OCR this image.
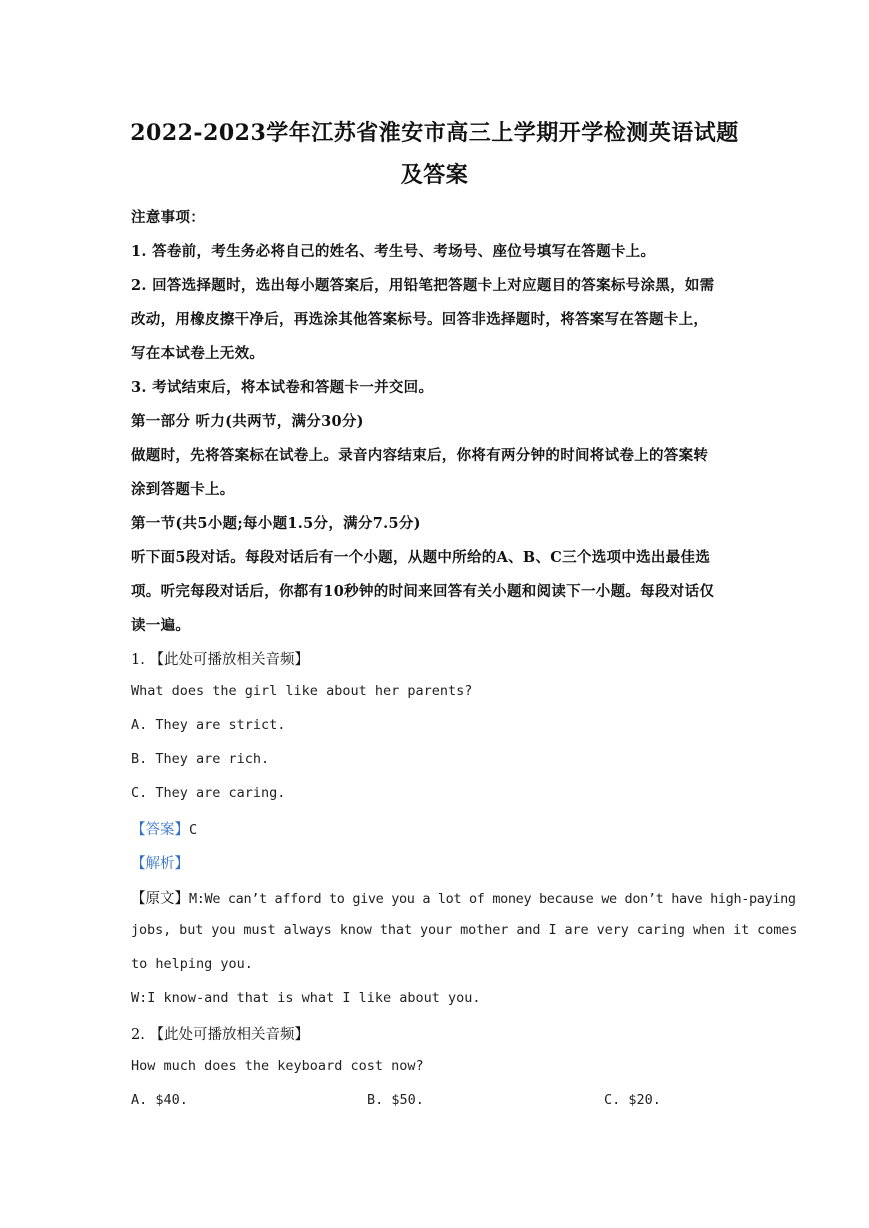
2022-2023学年江苏省淮安市高三上学期开学检测英语试题
及答案
注意事项：
1. 答卷前，考生务必将自己的姓名、考生号、考场号、座位号填写在答题卡上。
2. 回答选择题时，选出每小题答案后，用铅笔把答题卡上对应题目的答案标号涂黑，如需
改动，用橡皮擦干净后，再选涂其他答案标号。回答非选择题时，将答案写在答题卡上，
写在本试卷上无效。
3. 考试结束后，将本试卷和答题卡一并交回。
第一部分 听力(共两节，满分30分)
做题时，先将答案标在试卷上。录音内容结束后，你将有两分钟的时间将试卷上的答案转
涂到答题卡上。
第一节(共5小题;每小题1.5分，满分7.5分)
听下面5段对话。每段对话后有一个小题，从题中所给的A、B、C三个选项中选出最佳选
项。听完每段对话后，你都有10秒钟的时间来回答有关小题和阅读下一小题。每段对话仅
读一遍。
1. 【此处可播放相关音频】
What does the girl like about her parents?
A. They are strict.
B. They are rich.
C. They are caring.
【答案】C
【解析】
【原文】M:We can’t afford to give you a lot of money because we don’t have high-paying
jobs, but you must always know that your mother and I are very caring when it comes
to helping you.
W:I know-and that is what I like about you.
2. 【此处可播放相关音频】
How much does the keyboard cost now?
A. $40.	B. $50.	C. $20.
